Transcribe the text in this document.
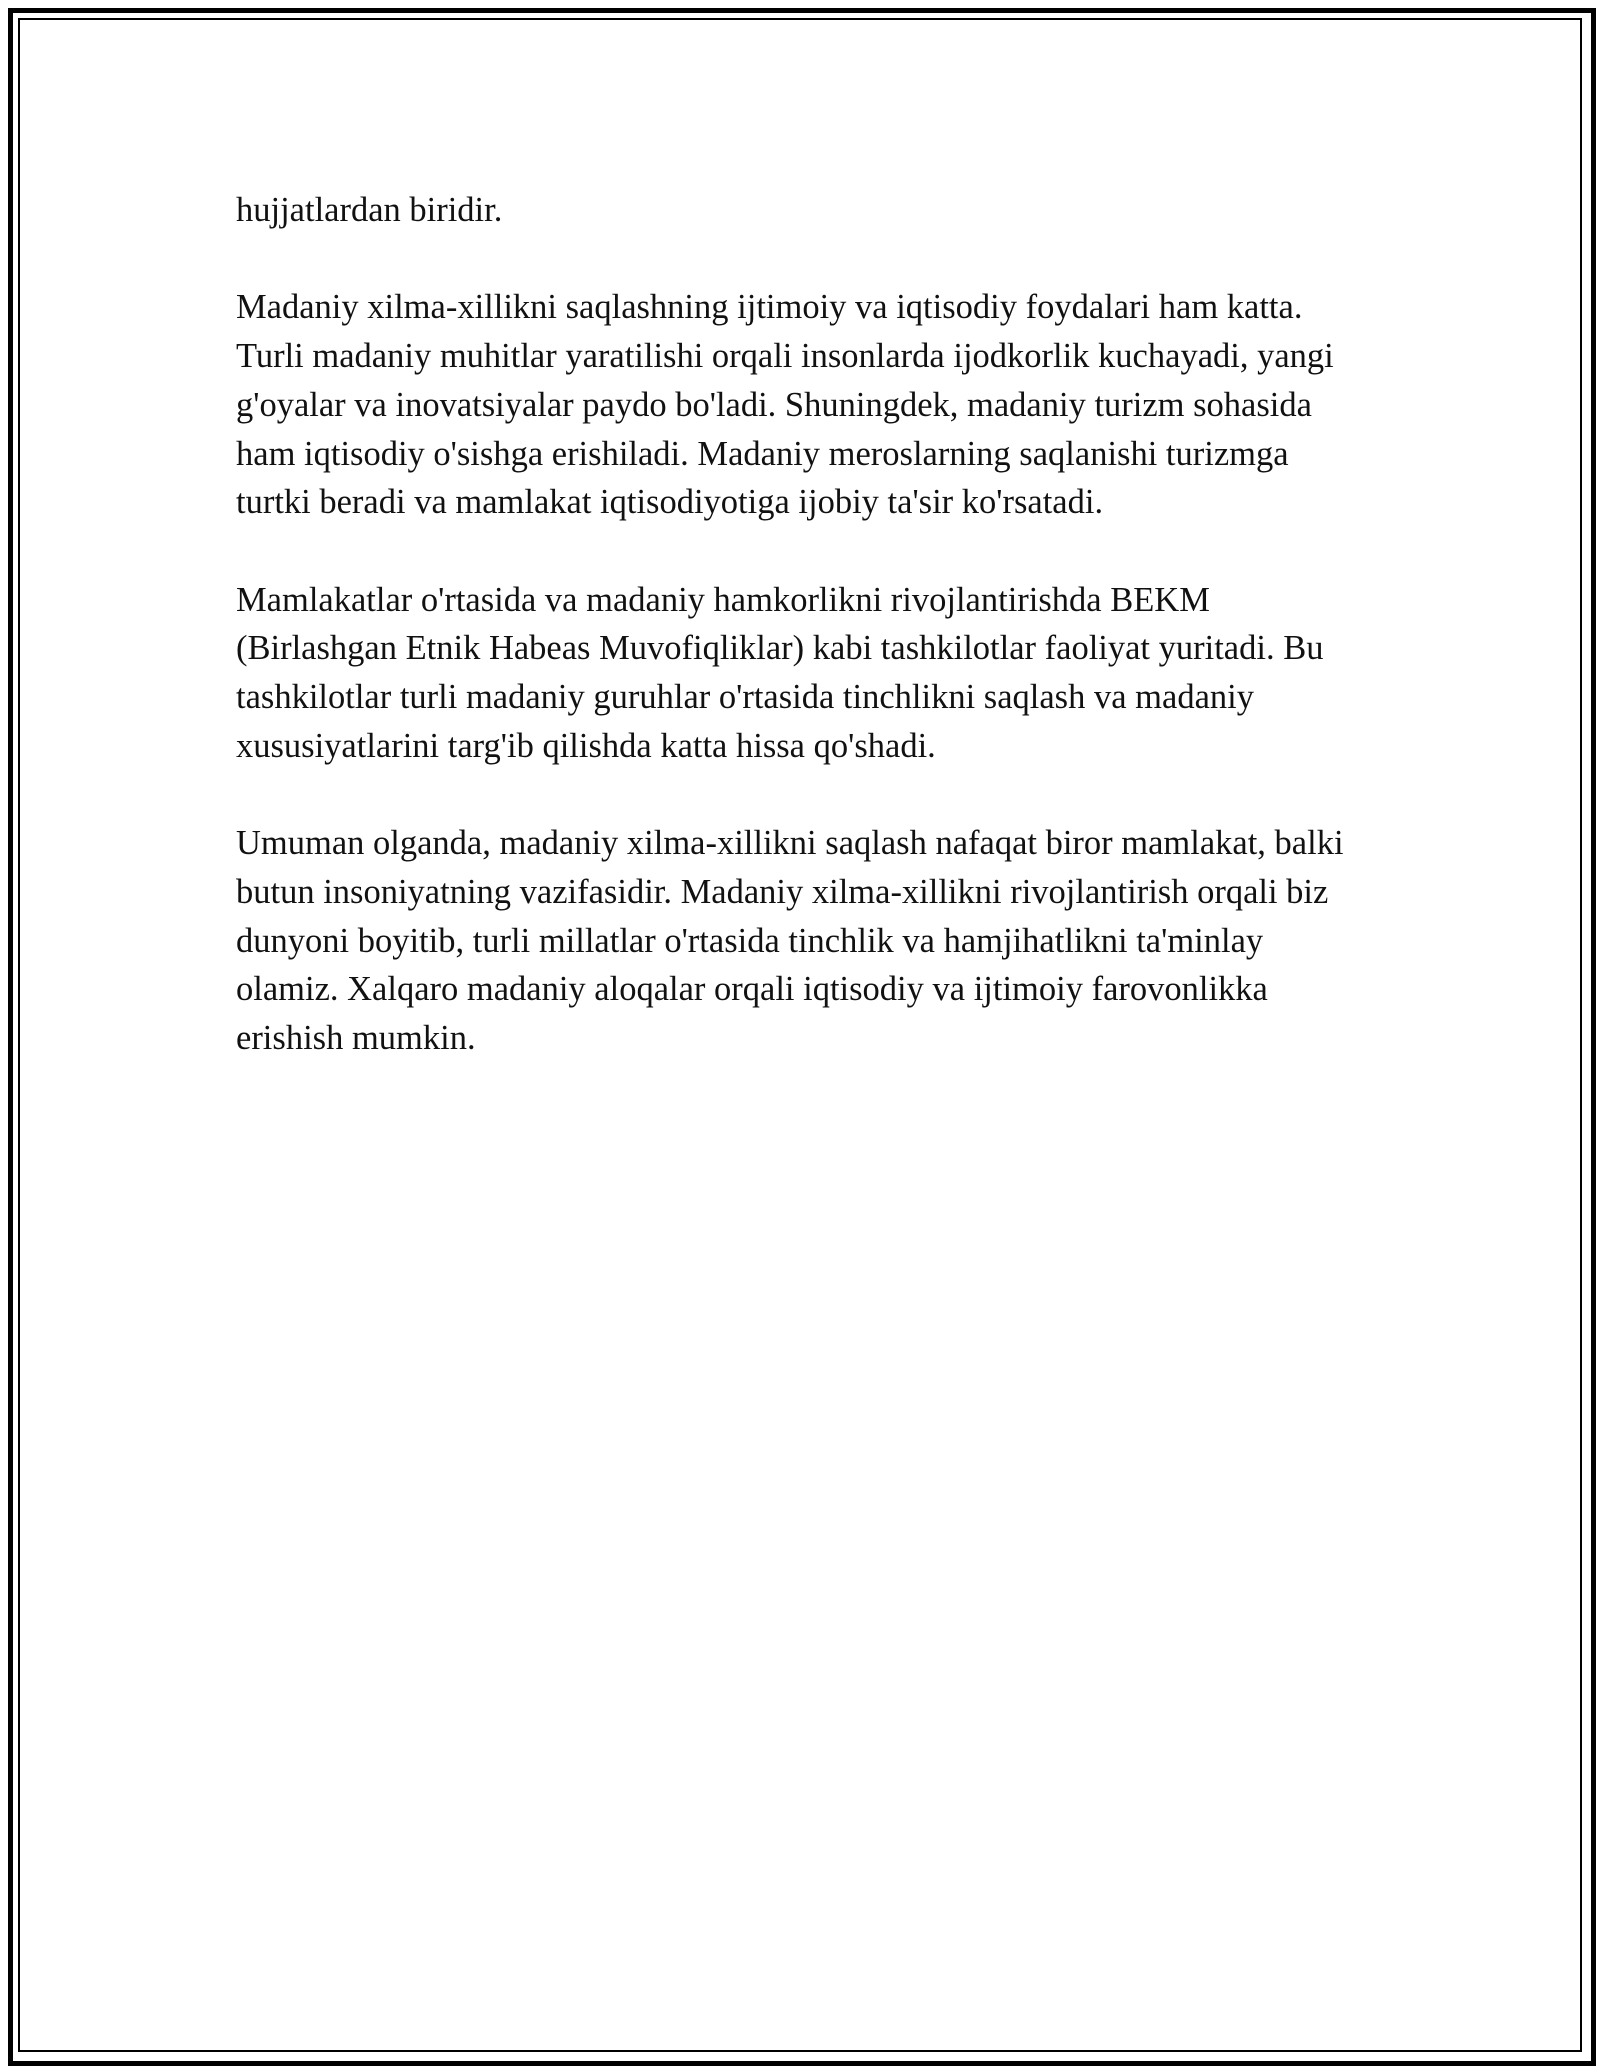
hujjatlardan biridir.

Madaniy xilma-xillikni saqlashning ijtimoiy va iqtisodiy foydalari ham katta. Turli madaniy muhitlar yaratilishi orqali insonlarda ijodkorlik kuchayadi, yangi g'oyalar va inovatsiyalar paydo bo'ladi. Shuningdek, madaniy turizm sohasida ham iqtisodiy o'sishga erishiladi. Madaniy meroslarning saqlanishi turizmga turtki beradi va mamlakat iqtisodiyotiga ijobiy ta'sir ko'rsatadi.

Mamlakatlar o'rtasida va madaniy hamkorlikni rivojlantirishda BEKM (Birlashgan Etnik Habeas Muvofiqliklar) kabi tashkilotlar faoliyat yuritadi. Bu tashkilotlar turli madaniy guruhlar o'rtasida tinchlikni saqlash va madaniy xususiyatlarini targ'ib qilishda katta hissa qo'shadi.

Umuman olganda, madaniy xilma-xillikni saqlash nafaqat biror mamlakat, balki butun insoniyatning vazifasidir. Madaniy xilma-xillikni rivojlantirish orqali biz dunyoni boyitib, turli millatlar o'rtasida tinchlik va hamjihatlikni ta'minlay olamiz. Xalqaro madaniy aloqalar orqali iqtisodiy va ijtimoiy farovonlikka erishish mumkin.
